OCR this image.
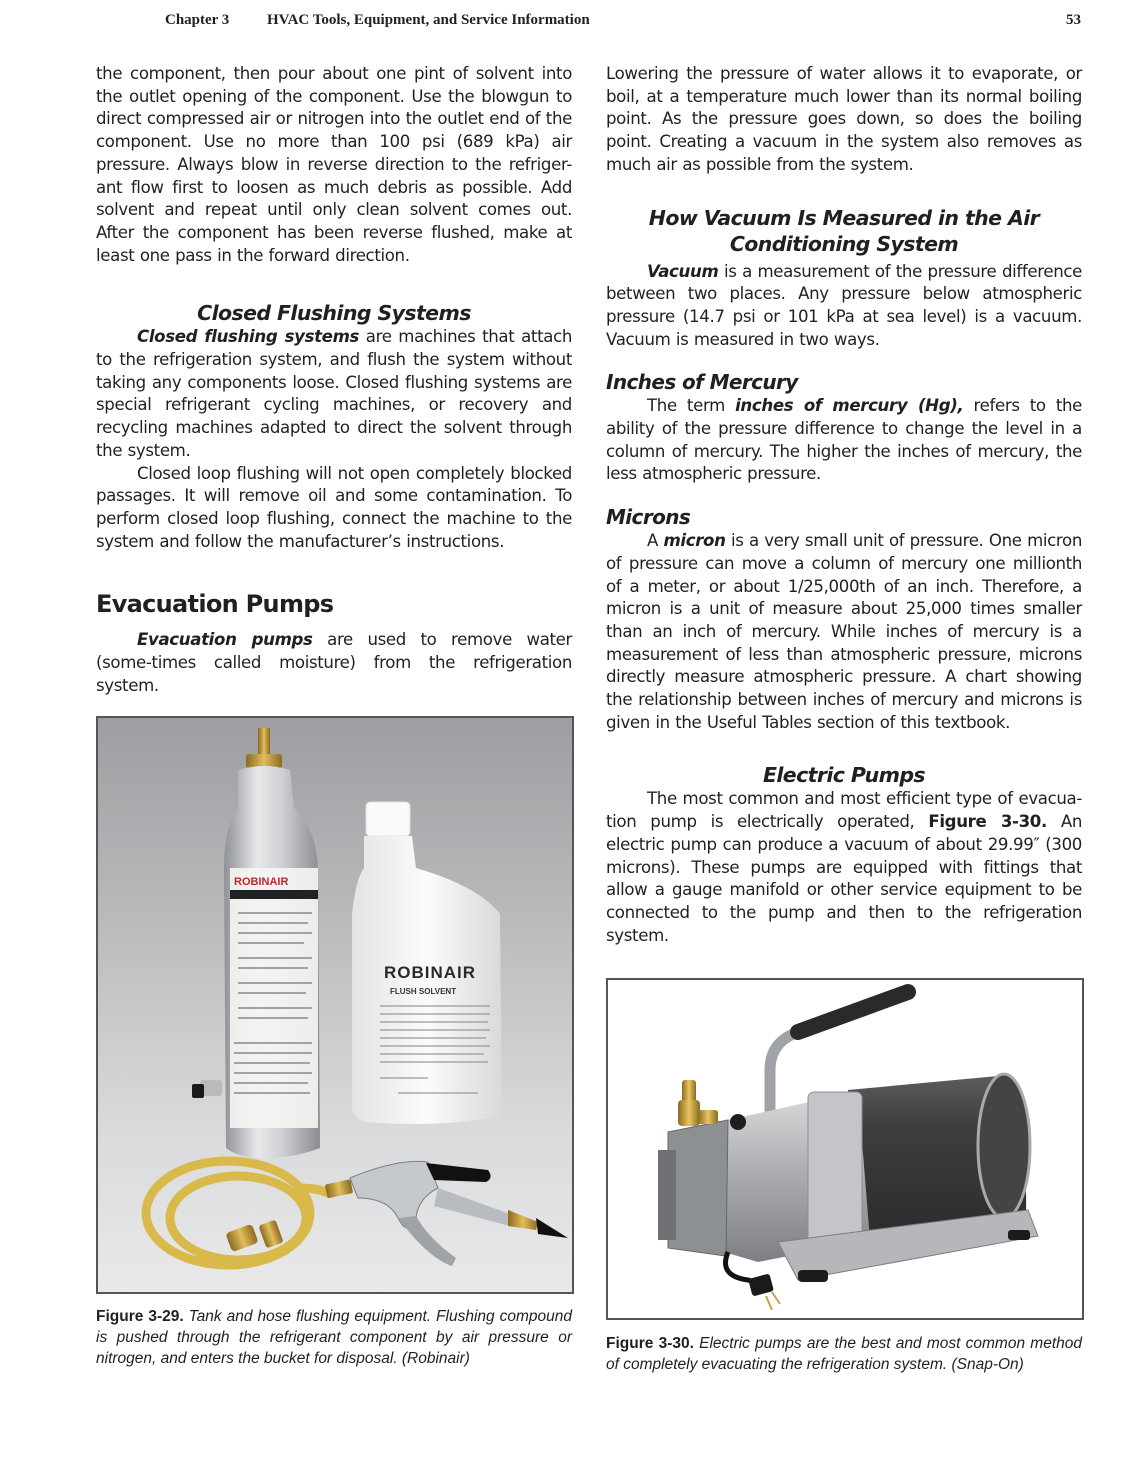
Chapter 3	HVAC Tools, Equipment, and Service Information	53

the component, then pour about one pint of solvent into the outlet opening of the component. Use the blowgun to direct compressed air or nitrogen into the outlet end of the component. Use no more than 100 psi (689 kPa) air pressure. Always blow in reverse direction to the refriger-ant flow first to loosen as much debris as possible. Add solvent and repeat until only clean solvent comes out. After the component has been reverse flushed, make at least one pass in the forward direction.

Closed Flushing Systems

Closed flushing systems are machines that attach to the refrigeration system, and flush the system without taking any components loose. Closed flushing systems are special refrigerant cycling machines, or recovery and recycling machines adapted to direct the solvent through the system.

Closed loop flushing will not open completely blocked passages. It will remove oil and some contamination. To perform closed loop flushing, connect the machine to the system and follow the manufacturer’s instructions.

Evacuation Pumps

Evacuation pumps are used to remove water (some-times called moisture) from the refrigeration system.

Lowering the pressure of water allows it to evaporate, or boil, at a temperature much lower than its normal boiling point. As the pressure goes down, so does the boiling point. Creating a vacuum in the system also removes as much air as possible from the system.

How Vacuum Is Measured in the Air Conditioning System

Vacuum is a measurement of the pressure difference between two places. Any pressure below atmospheric pressure (14.7 psi or 101 kPa at sea level) is a vacuum. Vacuum is measured in two ways.

Inches of Mercury

The term inches of mercury (Hg), refers to the ability of the pressure difference to change the level in a column of mercury. The higher the inches of mercury, the less atmospheric pressure.

Microns

A micron is a very small unit of pressure. One micron of pressure can move a column of mercury one millionth of a meter, or about 1/25,000th of an inch. Therefore, a micron is a unit of measure about 25,000 times smaller than an inch of mercury. While inches of mercury is a measurement of less than atmospheric pressure, microns directly measure atmospheric pressure. A chart showing the relationship between inches of mercury and microns is given in the Useful Tables section of this textbook.

Electric Pumps

The most common and most efficient type of evacua-tion pump is electrically operated, Figure 3-30. An electric pump can produce a vacuum of about 29.99″ (300 microns). These pumps are equipped with fittings that allow a gauge manifold or other service equipment to be connected to the pump and then to the refrigeration system.

ROBINAIR
ROBINAIR
FLUSH SOLVENT
Figure 3-29. Tank and hose flushing equipment. Flushing compound is pushed through the refrigerant component by air pressure or nitrogen, and enters the bucket for disposal. (Robinair)
Figure 3-30. Electric pumps are the best and most common method of completely evacuating the refrigeration system. (Snap-On)
